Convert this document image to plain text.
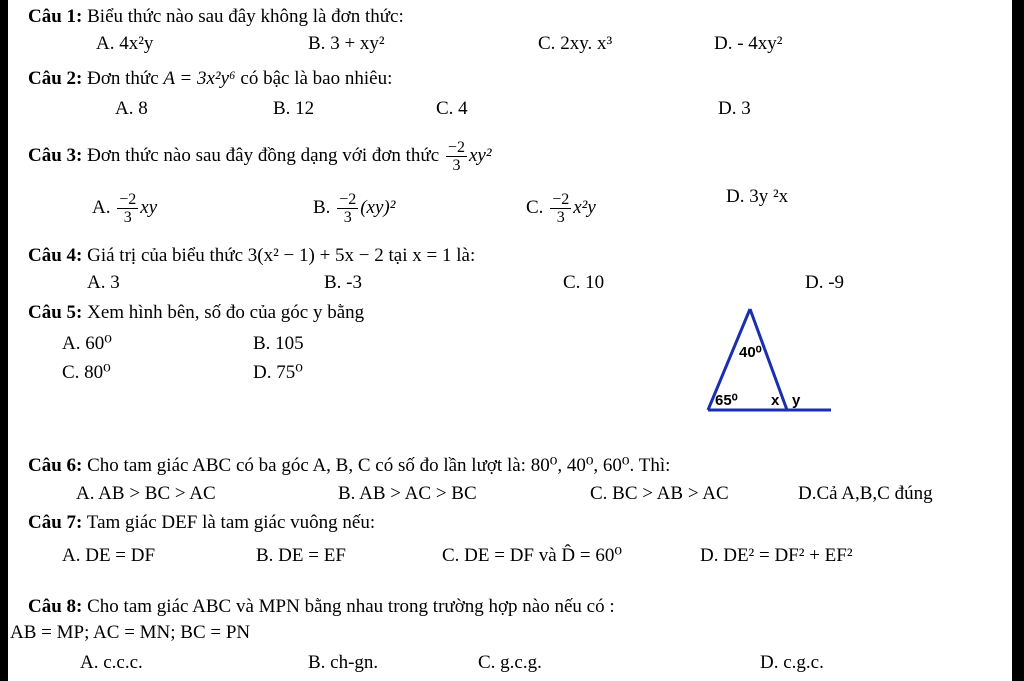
Câu 1: Biểu thức nào sau đây không là đơn thức:
A. 4x²y	B. 3 + xy²	C. 2xy. x³	D. - 4xy²
Câu 2: Đơn thức A = 3x²y⁶ có bậc là bao nhiêu:
A. 8	B. 12	C. 4	D. 3
Câu 3: Đơn thức nào sau đây đồng dạng với đơn thức $\frac{-2}{3} xy^2$
A. $\frac{-2}{3}$ xy	B. $\frac{-2}{3} (xy)^2$	C. $\frac{-2}{3} x^2y$
D. 3y ²x
Câu 4: Giá trị của biểu thức 3(x² − 1) + 5x − 2 tại x = 1 là:
A. 3	B. -3	C. 10	D. -9
Câu 5: Xem hình bên, số đo của góc y bằng
A. 60⁰	B. 105
C. 80⁰	D. 75⁰
40⁰
65⁰ x y
Câu 6: Cho tam giác ABC có ba góc A, B, C có số đo lần lượt là: 80⁰, 40⁰, 60⁰. Thì:
A. AB > BC > AC	B. AB > AC > BC	C. BC > AB > AC	D.Cả A,B,C đúng
Câu 7: Tam giác DEF là tam giác vuông nếu:
A. DE = DF	B. DE = EF	C. DE = DF và D̂ = 60⁰	D. DE² = DF² + EF²
Câu 8: Cho tam giác ABC và MPN bằng nhau trong trường hợp nào nếu có :
AB = MP; AC = MN; BC = PN
A. c.c.c.	B. ch-gn.	C. g.c.g.	D. c.g.c.
